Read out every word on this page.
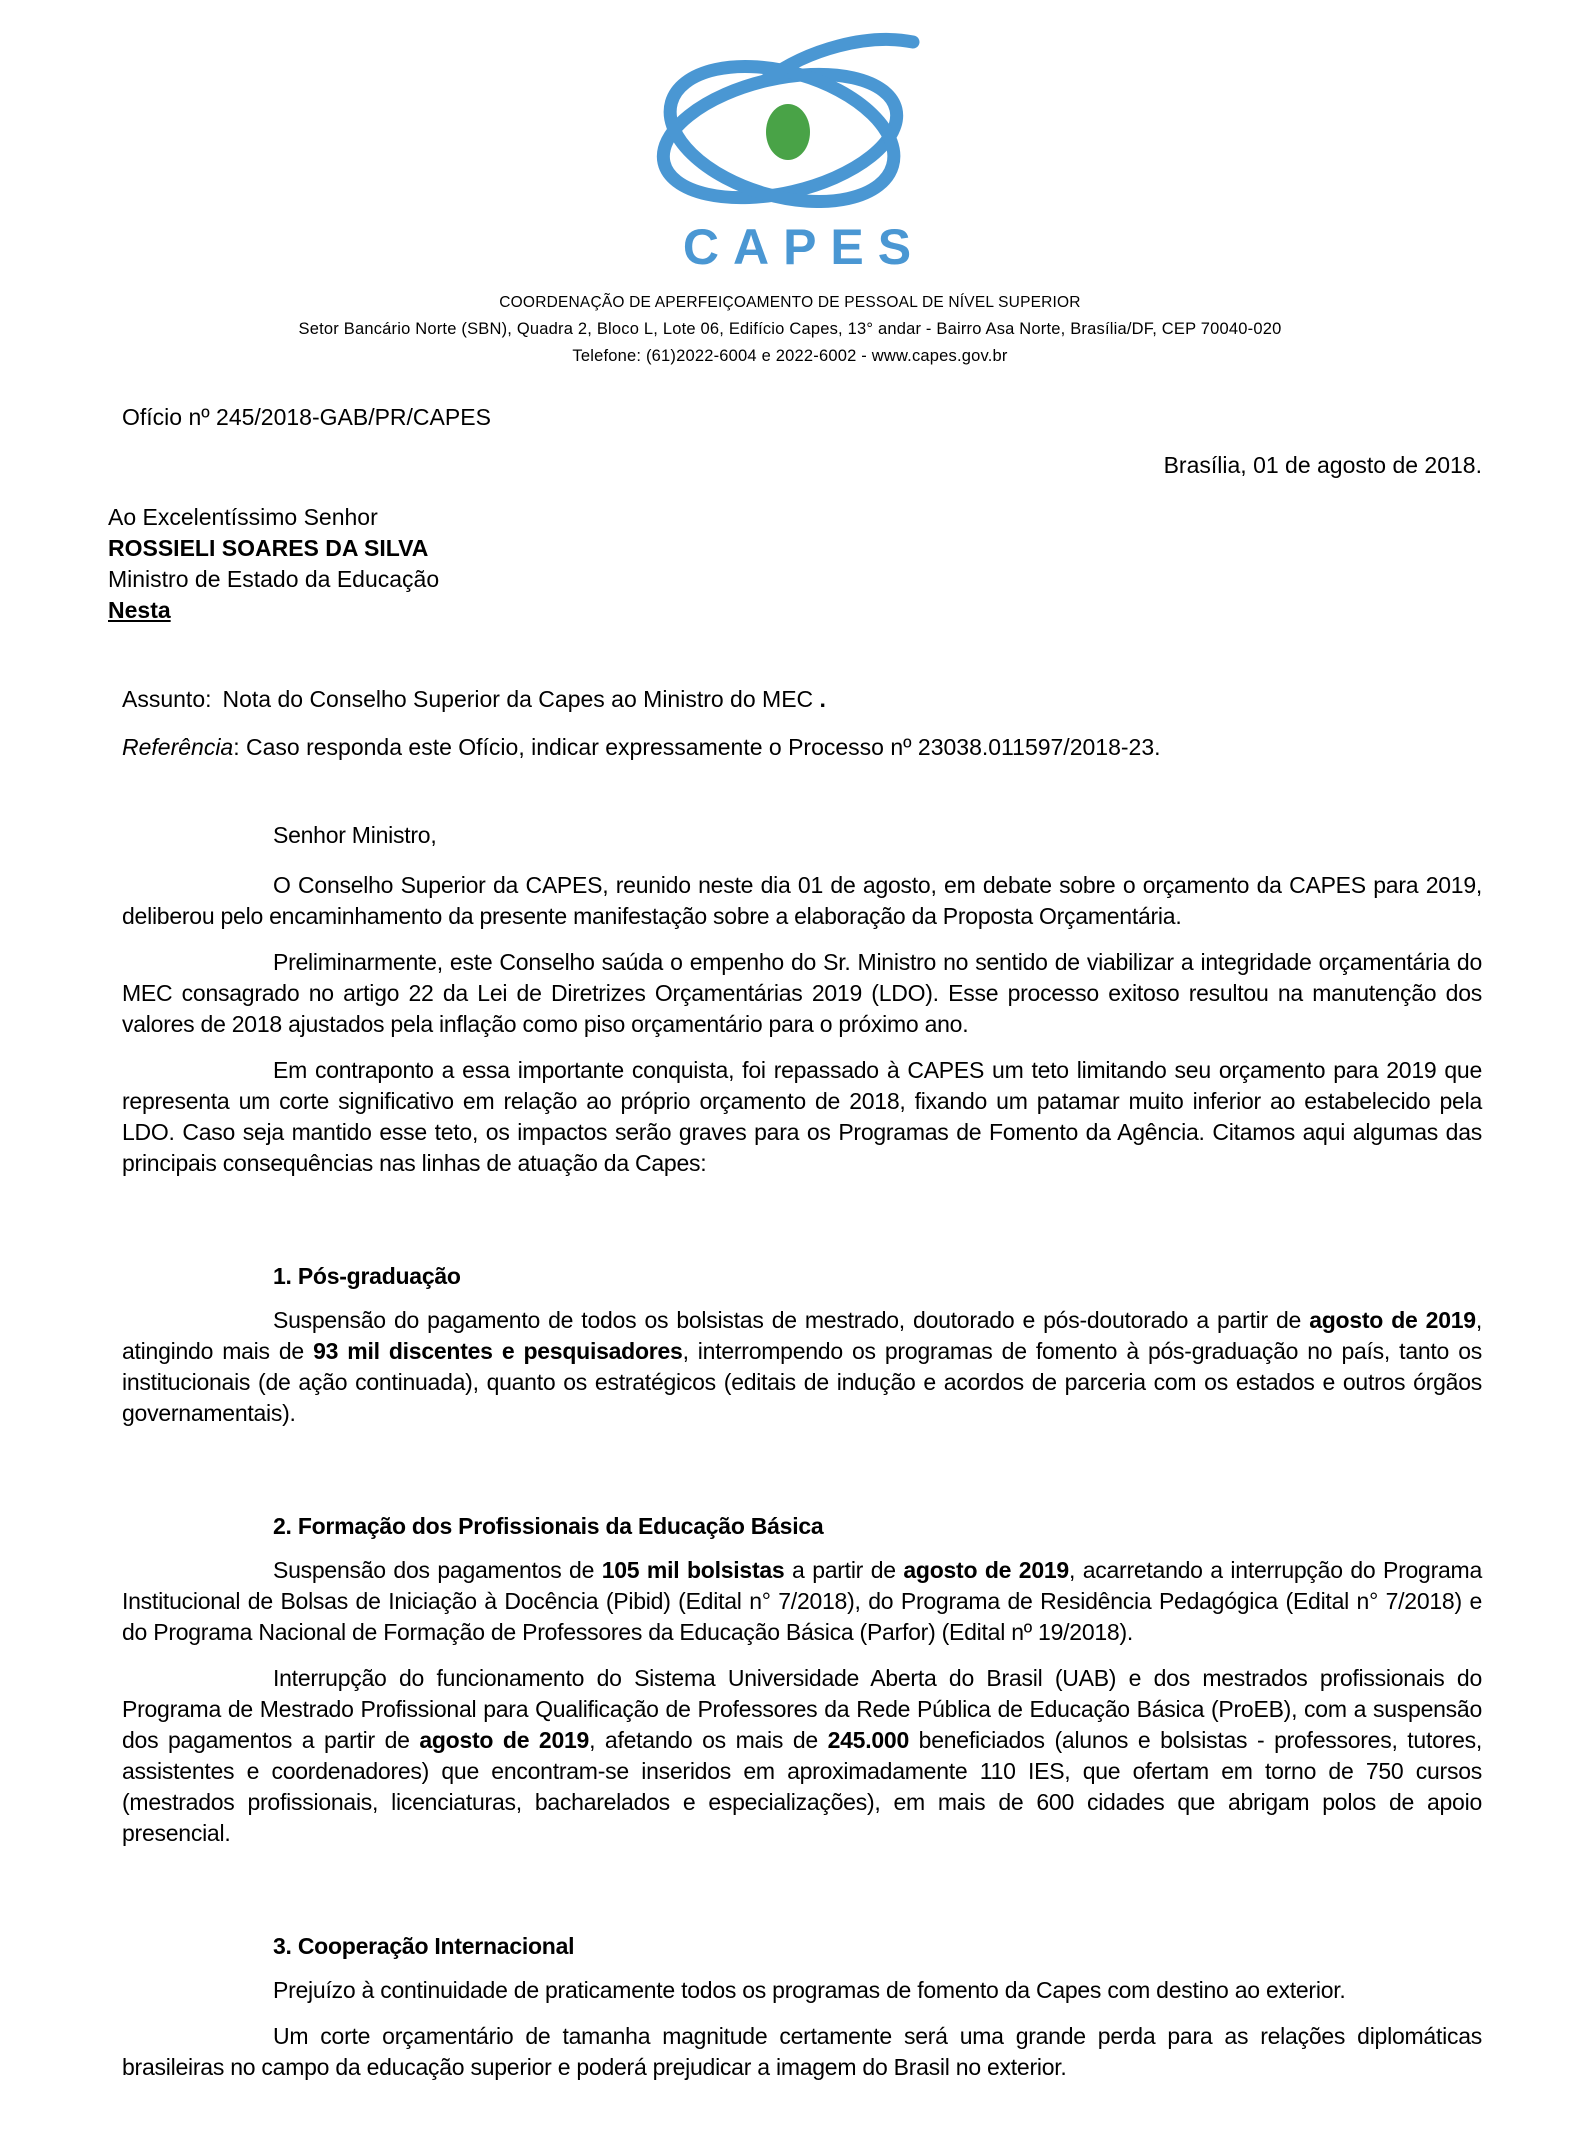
CAPES
COORDENAÇÃO DE APERFEIÇOAMENTO DE PESSOAL DE NÍVEL SUPERIOR
Setor Bancário Norte (SBN), Quadra 2, Bloco L, Lote 06, Edifício Capes, 13° andar - Bairro Asa Norte, Brasília/DF, CEP 70040-020
Telefone: (61)2022-6004 e 2022-6002 - www.capes.gov.br
Ofício nº 245/2018-GAB/PR/CAPES
Brasília, 01 de agosto de 2018.
Ao Excelentíssimo Senhor
ROSSIELI SOARES DA SILVA
Ministro de Estado da Educação
Nesta
Assunto: Nota do Conselho Superior da Capes ao Ministro do MEC .
Referência: Caso responda este Ofício, indicar expressamente o Processo nº 23038.011597/2018-23.

Senhor Ministro,

O Conselho Superior da CAPES, reunido neste dia 01 de agosto, em debate sobre o orçamento da CAPES para 2019, deliberou pelo encaminhamento da presente manifestação sobre a elaboração da Proposta Orçamentária.

Preliminarmente, este Conselho saúda o empenho do Sr. Ministro no sentido de viabilizar a integridade orçamentária do MEC consagrado no artigo 22 da Lei de Diretrizes Orçamentárias 2019 (LDO). Esse processo exitoso resultou na manutenção dos valores de 2018 ajustados pela inflação como piso orçamentário para o próximo ano.

Em contraponto a essa importante conquista, foi repassado à CAPES um teto limitando seu orçamento para 2019 que representa um corte significativo em relação ao próprio orçamento de 2018, fixando um patamar muito inferior ao estabelecido pela LDO. Caso seja mantido esse teto, os impactos serão graves para os Programas de Fomento da Agência. Citamos aqui algumas das principais consequências nas linhas de atuação da Capes:

1. Pós-graduação

Suspensão do pagamento de todos os bolsistas de mestrado, doutorado e pós-doutorado a partir de agosto de 2019, atingindo mais de 93 mil discentes e pesquisadores, interrompendo os programas de fomento à pós-graduação no país, tanto os institucionais (de ação continuada), quanto os estratégicos (editais de indução e acordos de parceria com os estados e outros órgãos governamentais).

2. Formação dos Profissionais da Educação Básica

Suspensão dos pagamentos de 105 mil bolsistas a partir de agosto de 2019, acarretando a interrupção do Programa Institucional de Bolsas de Iniciação à Docência (Pibid) (Edital n° 7/2018), do Programa de Residência Pedagógica (Edital n° 7/2018) e do Programa Nacional de Formação de Professores da Educação Básica (Parfor) (Edital nº 19/2018).

Interrupção do funcionamento do Sistema Universidade Aberta do Brasil (UAB) e dos mestrados profissionais do Programa de Mestrado Profissional para Qualificação de Professores da Rede Pública de Educação Básica (ProEB), com a suspensão dos pagamentos a partir de agosto de 2019, afetando os mais de 245.000 beneficiados (alunos e bolsistas - professores, tutores, assistentes e coordenadores) que encontram-se inseridos em aproximadamente 110 IES, que ofertam em torno de 750 cursos (mestrados profissionais, licenciaturas, bacharelados e especializações), em mais de 600 cidades que abrigam polos de apoio presencial.

3. Cooperação Internacional

Prejuízo à continuidade de praticamente todos os programas de fomento da Capes com destino ao exterior.

Um corte orçamentário de tamanha magnitude certamente será uma grande perda para as relações diplomáticas brasileiras no campo da educação superior e poderá prejudicar a imagem do Brasil no exterior.
